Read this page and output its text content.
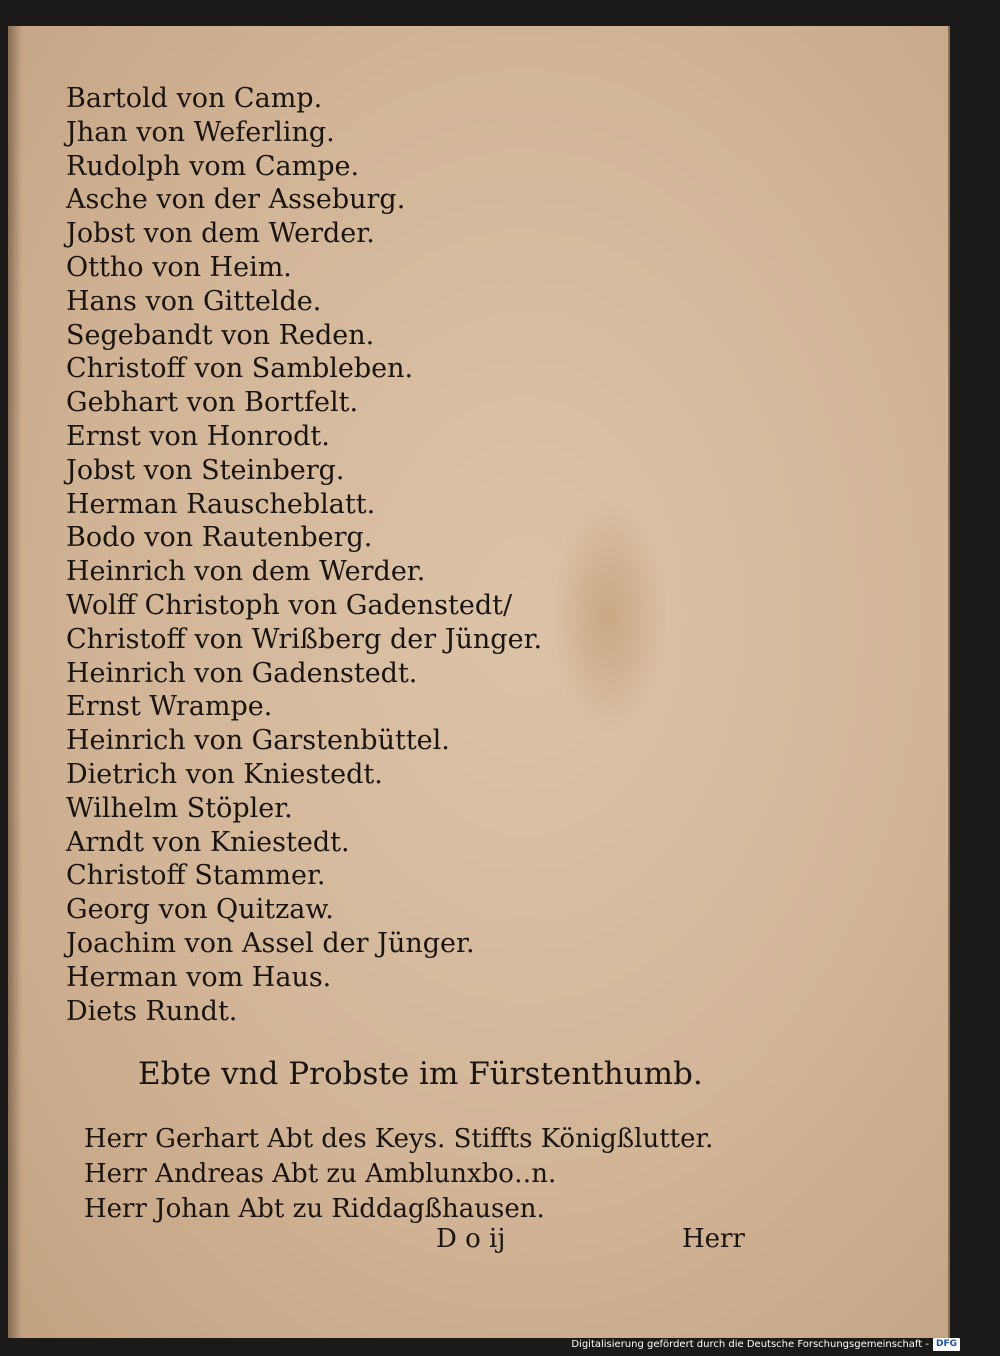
Bartold von Camp.
Jhan von Weferling.
Rudolph vom Campe.
Asche von der Asseburg.
Jobst von dem Werder.
Ottho von Heim.
Hans von Gittelde.
Segebandt von Reden.
Christoff von Sambleben.
Gebhart von Bortfelt.
Ernst von Honrodt.
Jobst von Steinberg.
Herman Rauscheblatt.
Bodo von Rautenberg.
Heinrich von dem Werder.
Wolff Christoph von Gadenstedt/
Christoff von Wrißberg der Jünger.
Heinrich von Gadenstedt.
Ernst Wrampe.
Heinrich von Garstenbüttel.
Dietrich von Kniestedt.
Wilhelm Stöpler.
Arndt von Kniestedt.
Christoff Stammer.
Georg von Quitzaw.
Joachim von Assel der Jünger.
Herman vom Haus.
Diets Rundt.
Ebte vnd Probste im Fürstenthumb.
Herr Gerhart Abt des Keys. Stiffts Königßlutter.
Herr Andreas Abt zu Amblunxbo‥n.
Herr Johan Abt zu Riddagßhausen.
D o ij	Herr
Digitalisierung gefördert durch die Deutsche Forschungsgemeinschaft - DFG
